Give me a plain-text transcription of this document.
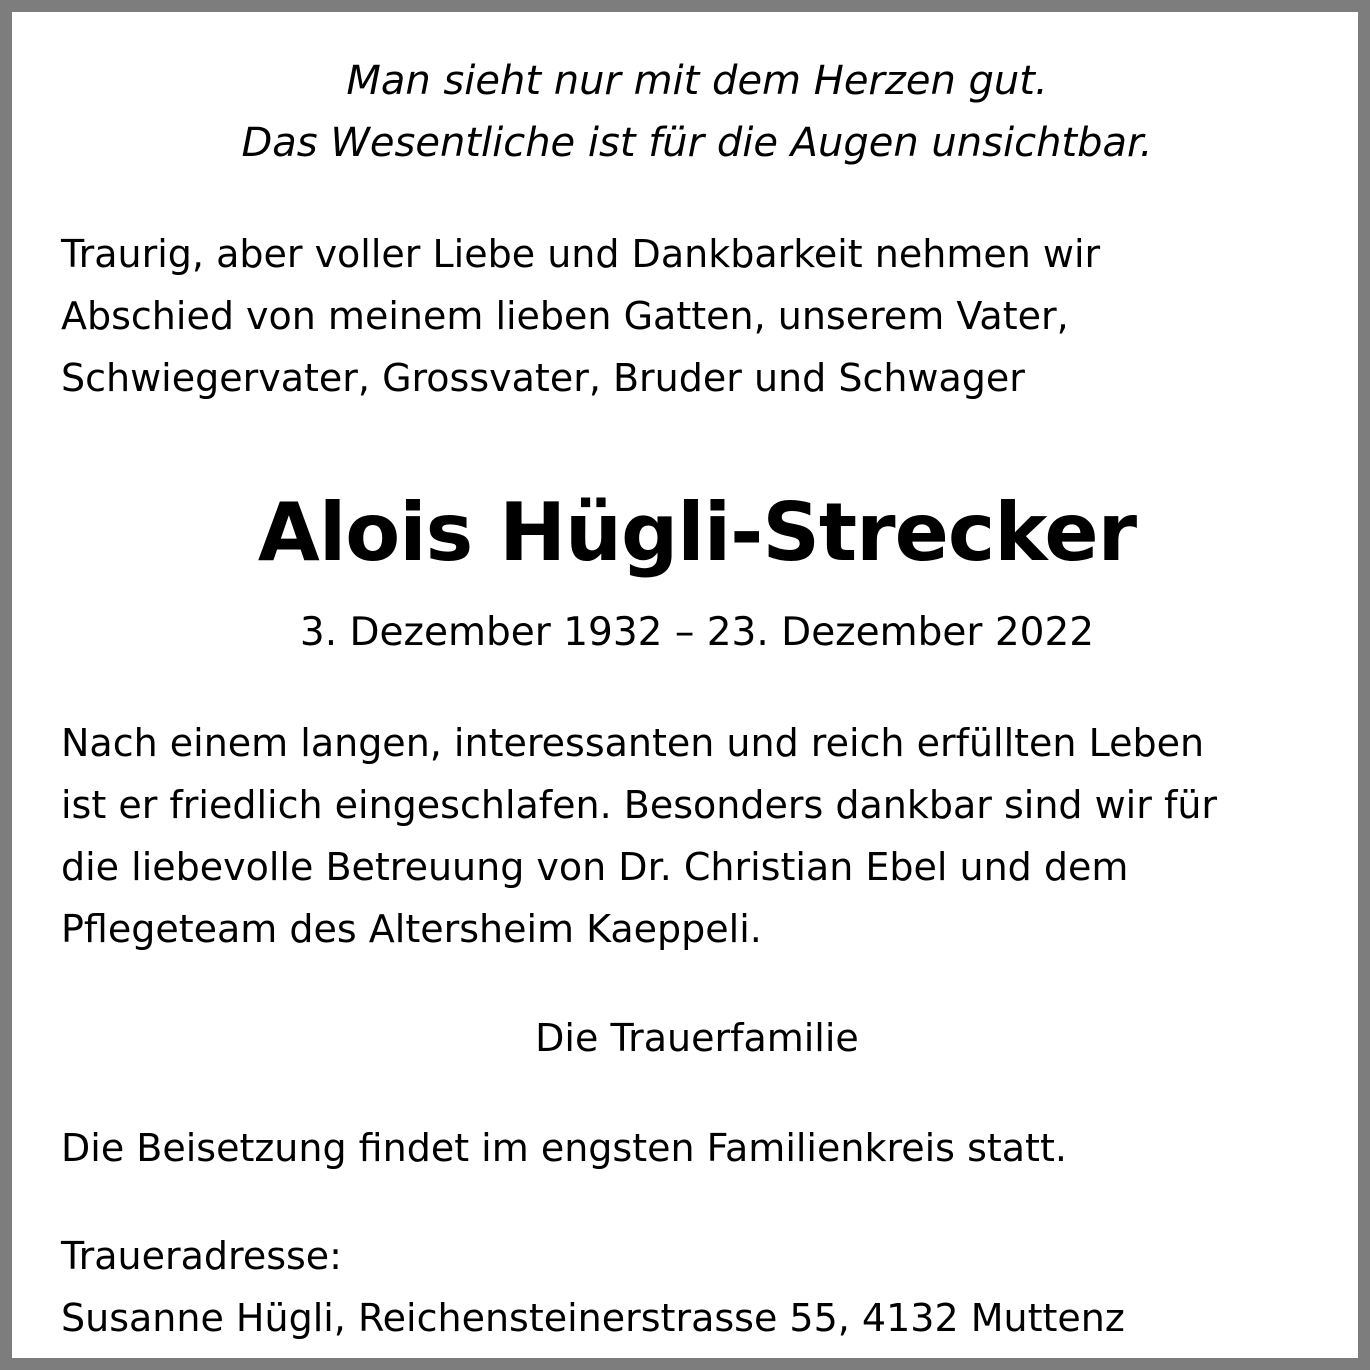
Man sieht nur mit dem Herzen gut.

Das Wesentliche ist für die Augen unsichtbar.

Traurig, aber voller Liebe und Dankbarkeit nehmen wir

Abschied von meinem lieben Gatten, unserem Vater,

Schwiegervater, Grossvater, Bruder und Schwager

Alois Hügli-Strecker

3. Dezember 1932 – 23. Dezember 2022

Nach einem langen, interessanten und reich erfüllten Leben

ist er friedlich eingeschlafen. Besonders dankbar sind wir für

die liebevolle Betreuung von Dr. Christian Ebel und dem

Pflegeteam des Altersheim Kaeppeli.

Die Trauerfamilie

Die Beisetzung findet im engsten Familienkreis statt.

Traueradresse:

Susanne Hügli, Reichensteinerstrasse 55, 4132 Muttenz
